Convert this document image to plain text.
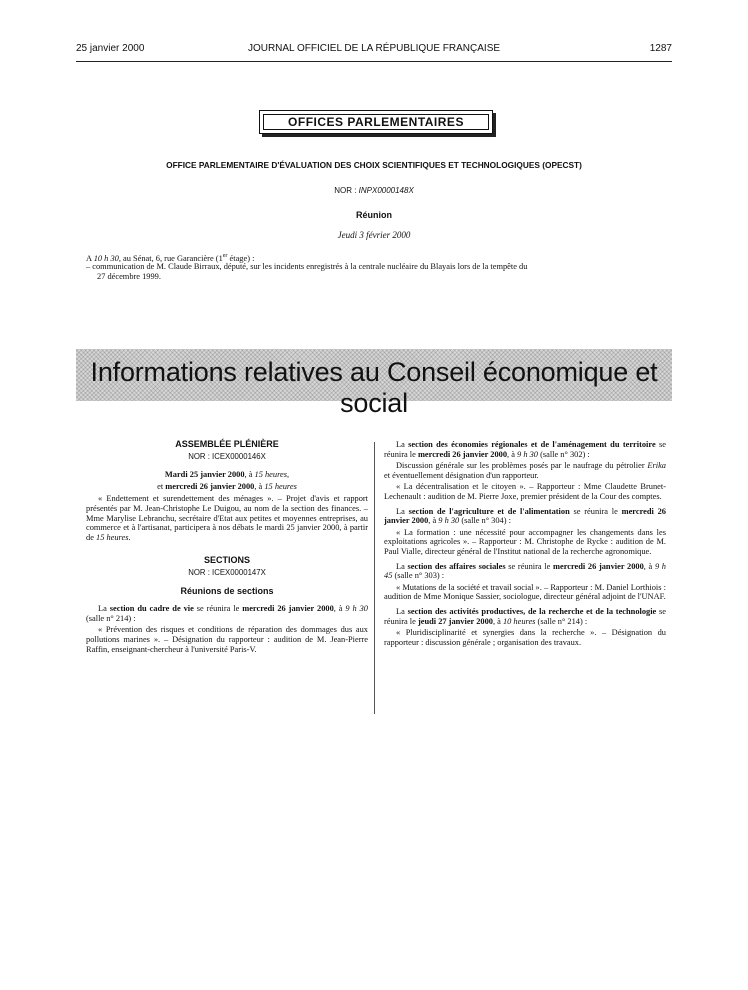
25 janvier 2000	JOURNAL OFFICIEL DE LA RÉPUBLIQUE FRANÇAISE	1287
OFFICES PARLEMENTAIRES
OFFICE PARLEMENTAIRE D'ÉVALUATION DES CHOIX SCIENTIFIQUES ET TECHNOLOGIQUES (OPECST)
NOR : INPX0000148X
Réunion
Jeudi 3 février 2000
A 10 h 30, au Sénat, 6, rue Garancière (1er étage) :
– communication de M. Claude Birraux, député, sur les incidents enregistrés à la centrale nucléaire du Blayais lors de la tempête du
27 décembre 1999.
Informations relatives au Conseil économique et social

ASSEMBLÉE PLÉNIÈRE

NOR : ICEX0000146X

Mardi 25 janvier 2000, à 15 heures,

et mercredi 26 janvier 2000, à 15 heures

« Endettement et surendettement des ménages ». – Projet d'avis et rapport présentés par M. Jean-Christophe Le Duigou, au nom de la section des finances. – Mme Marylise Lebranchu, secrétaire d'Etat aux petites et moyennes entreprises, au commerce et à l'artisanat, participera à nos débats le mardi 25 janvier 2000, à partir de 15 heures.

SECTIONS

NOR : ICEX0000147X

Réunions de sections

La section du cadre de vie se réunira le mercredi 26 janvier 2000, à 9 h 30 (salle n° 214) :

« Prévention des risques et conditions de réparation des dommages dus aux pollutions marines ». – Désignation du rapporteur : audition de M. Jean-Pierre Raffin, enseignant-chercheur à l'université Paris-V.

La section des économies régionales et de l'aménagement du territoire se réunira le mercredi 26 janvier 2000, à 9 h 30 (salle n° 302) :

Discussion générale sur les problèmes posés par le naufrage du pétrolier Erika et éventuellement désignation d'un rapporteur.

« La décentralisation et le citoyen ». – Rapporteur : Mme Claudette Brunet-Lechenault : audition de M. Pierre Joxe, premier président de la Cour des comptes.

La section de l'agriculture et de l'alimentation se réunira le mercredi 26 janvier 2000, à 9 h 30 (salle n° 304) :

« La formation : une nécessité pour accompagner les changements dans les exploitations agricoles ». – Rapporteur : M. Christophe de Rycke : audition de M. Paul Vialle, directeur général de l'Institut national de la recherche agronomique.

La section des affaires sociales se réunira le mercredi 26 janvier 2000, à 9 h 45 (salle n° 303) :

« Mutations de la société et travail social ». – Rapporteur : M. Daniel Lorthiois : audition de Mme Monique Sassier, sociologue, directeur général adjoint de l'UNAF.

La section des activités productives, de la recherche et de la technologie se réunira le jeudi 27 janvier 2000, à 10 heures (salle n° 214) :

« Pluridisciplinarité et synergies dans la recherche ». – Désignation du rapporteur : discussion générale ; organisation des travaux.
